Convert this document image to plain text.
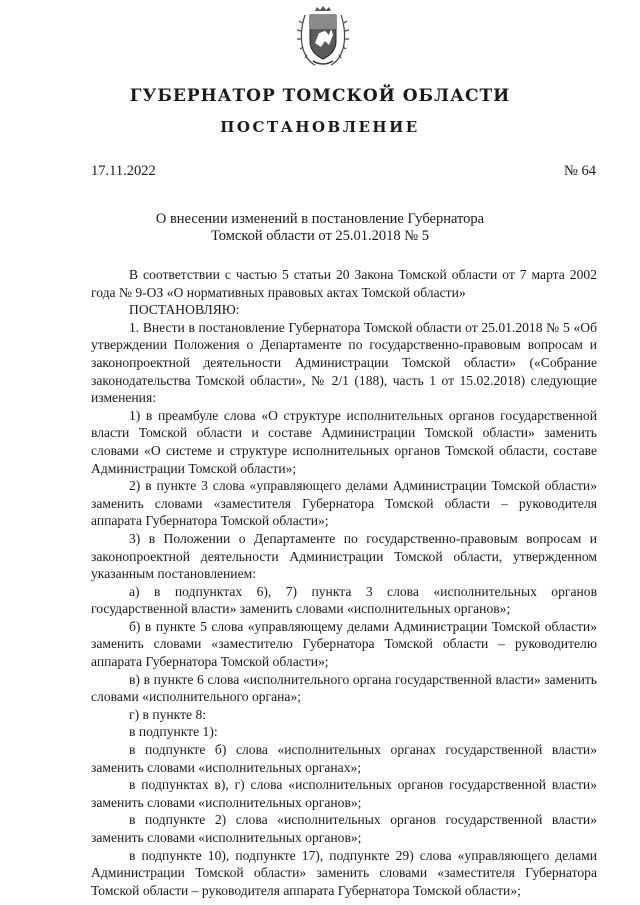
ГУБЕРНАТОР ТОМСКОЙ ОБЛАСТИ
ПОСТАНОВЛЕНИЕ
17.11.2022	№ 64
О внесении изменений в постановление Губернатора
Томской области от 25.01.2018 № 5

В соответствии с частью 5 статьи 20 Закона Томской области от 7 марта 2002 года № 9-ОЗ «О нормативных правовых актах Томской области»

ПОСТАНОВЛЯЮ:

1. Внести в постановление Губернатора Томской области от 25.01.2018 № 5 «Об утверждении Положения о Департаменте по государственно-правовым вопросам и законопроектной деятельности Администрации Томской области» («Собрание законодательства Томской области», № 2/1 (188), часть 1 от 15.02.2018) следующие изменения:

1) в преамбуле слова «О структуре исполнительных органов государственной власти Томской области и составе Администрации Томской области» заменить словами «О системе и структуре исполнительных органов Томской области, составе Администрации Томской области»;

2) в пункте 3 слова «управляющего делами Администрации Томской области» заменить словами «заместителя Губернатора Томской области – руководителя аппарата Губернатора Томской области»;

3) в Положении о Департаменте по государственно-правовым вопросам и законопроектной деятельности Администрации Томской области, утвержденном указанным постановлением:

а) в подпунктах 6), 7) пункта 3 слова «исполнительных органов государственной власти» заменить словами «исполнительных органов»;

б) в пункте 5 слова «управляющему делами Администрации Томской области» заменить словами «заместителю Губернатора Томской области – руководителю аппарата Губернатора Томской области»;

в) в пункте 6 слова «исполнительного органа государственной власти» заменить словами «исполнительного органа»;

г) в пункте 8:

в подпункте 1):

в подпункте б) слова «исполнительных органах государственной власти» заменить словами «исполнительных органах»;

в подпунктах в), г) слова «исполнительных органов государственной власти» заменить словами «исполнительных органов»;

в подпункте 2) слова «исполнительных органов государственной власти» заменить словами «исполнительных органов»;

в подпункте 10), подпункте 17), подпункте 29) слова «управляющего делами Администрации Томской области» заменить словами «заместителя Губернатора Томской области – руководителя аппарата Губернатора Томской области»;
